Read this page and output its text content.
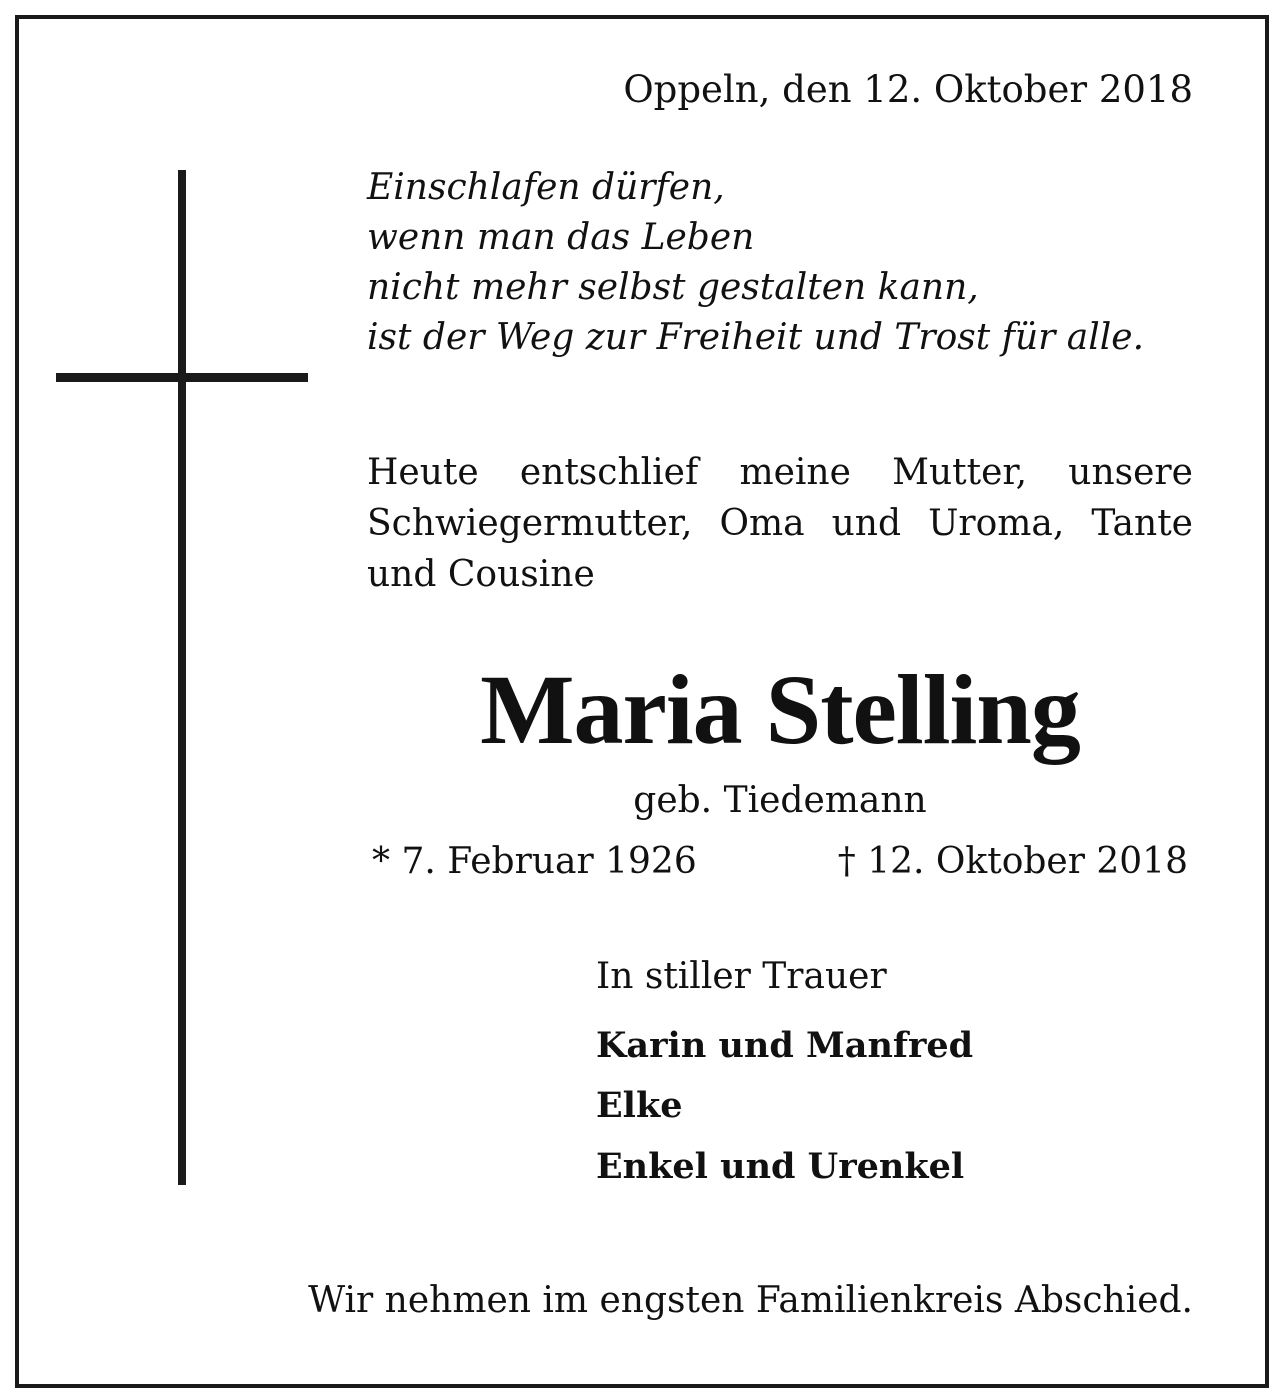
Oppeln, den 12. Oktober 2018
Einschlafen dürfen,
wenn man das Leben
nicht mehr selbst gestalten kann,
ist der Weg zur Freiheit und Trost für alle.
Heute entschlief meine Mutter, unsere
Schwiegermutter, Oma und Uroma, Tante
und Cousine
Maria Stelling
geb. Tiedemann
* 7. Februar 1926	† 12. Oktober 2018
In stiller Trauer
Karin und Manfred
Elke
Enkel und Urenkel
Wir nehmen im engsten Familienkreis Abschied.
